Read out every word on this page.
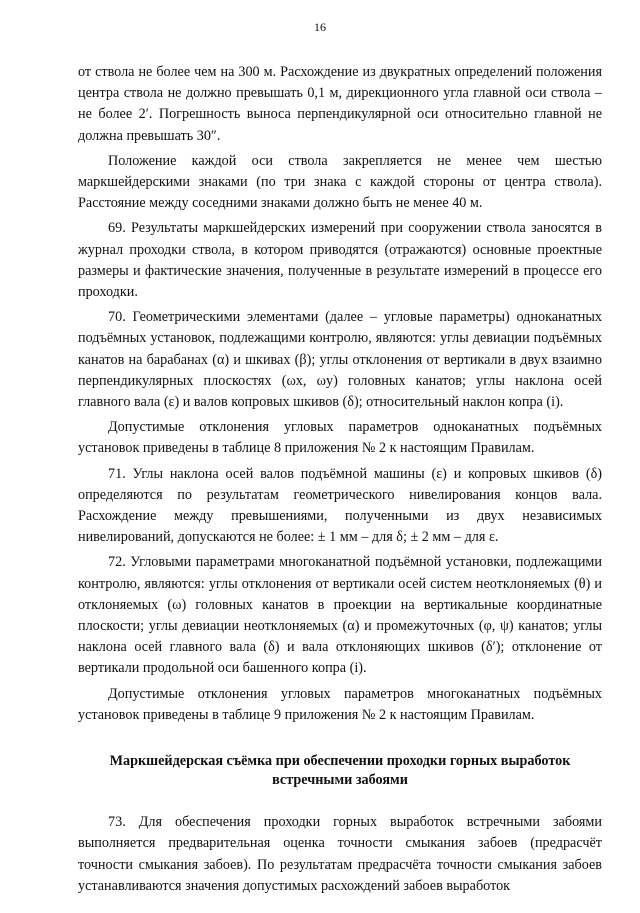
16

от ствола не более чем на 300 м. Расхождение из двукратных определений положения центра ствола не должно превышать 0,1 м, дирекционного угла главной оси ствола – не более 2′. Погрешность выноса перпендикулярной оси относительно главной не должна превышать 30″.

Положение каждой оси ствола закрепляется не менее чем шестью маркшейдерскими знаками (по три знака с каждой стороны от центра ствола). Расстояние между соседними знаками должно быть не менее 40 м.

69. Результаты маркшейдерских измерений при сооружении ствола заносятся в журнал проходки ствола, в котором приводятся (отражаются) основные проектные размеры и фактические значения, полученные в результате измерений в процессе его проходки.

70. Геометрическими элементами (далее – угловые параметры) одноканатных подъёмных установок, подлежащими контролю, являются: углы девиации подъёмных канатов на барабанах (α) и шкивах (β); углы отклонения от вертикали в двух взаимно перпендикулярных плоскостях (ωx, ωy) головных канатов; углы наклона осей главного вала (ε) и валов копровых шкивов (δ); относительный наклон копра (i).

Допустимые отклонения угловых параметров одноканатных подъёмных установок приведены в таблице 8 приложения № 2 к настоящим Правилам.

71. Углы наклона осей валов подъёмной машины (ε) и копровых шкивов (δ) определяются по результатам геометрического нивелирования концов вала. Расхождение между превышениями, полученными из двух независимых нивелирований, допускаются не более: ± 1 мм – для δ; ± 2 мм – для ε.

72. Угловыми параметрами многоканатной подъёмной установки, подлежащими контролю, являются: углы отклонения от вертикали осей систем неотклоняемых (θ) и отклоняемых (ω) головных канатов в проекции на вертикальные координатные плоскости; углы девиации неотклоняемых (α) и промежуточных (φ, ψ) канатов; углы наклона осей главного вала (δ) и вала отклоняющих шкивов (δ′); отклонение от вертикали продольной оси башенного копра (i).

Допустимые отклонения угловых параметров многоканатных подъёмных установок приведены в таблице 9 приложения № 2 к настоящим Правилам.

Маркшейдерская съёмка при обеспечении проходки горных выработок
встречными забоями

73. Для обеспечения проходки горных выработок встречными забоями выполняется предварительная оценка точности смыкания забоев (предрасчёт точности смыкания забоев). По результатам предрасчёта точности смыкания забоев устанавливаются значения допустимых расхождений забоев выработок
